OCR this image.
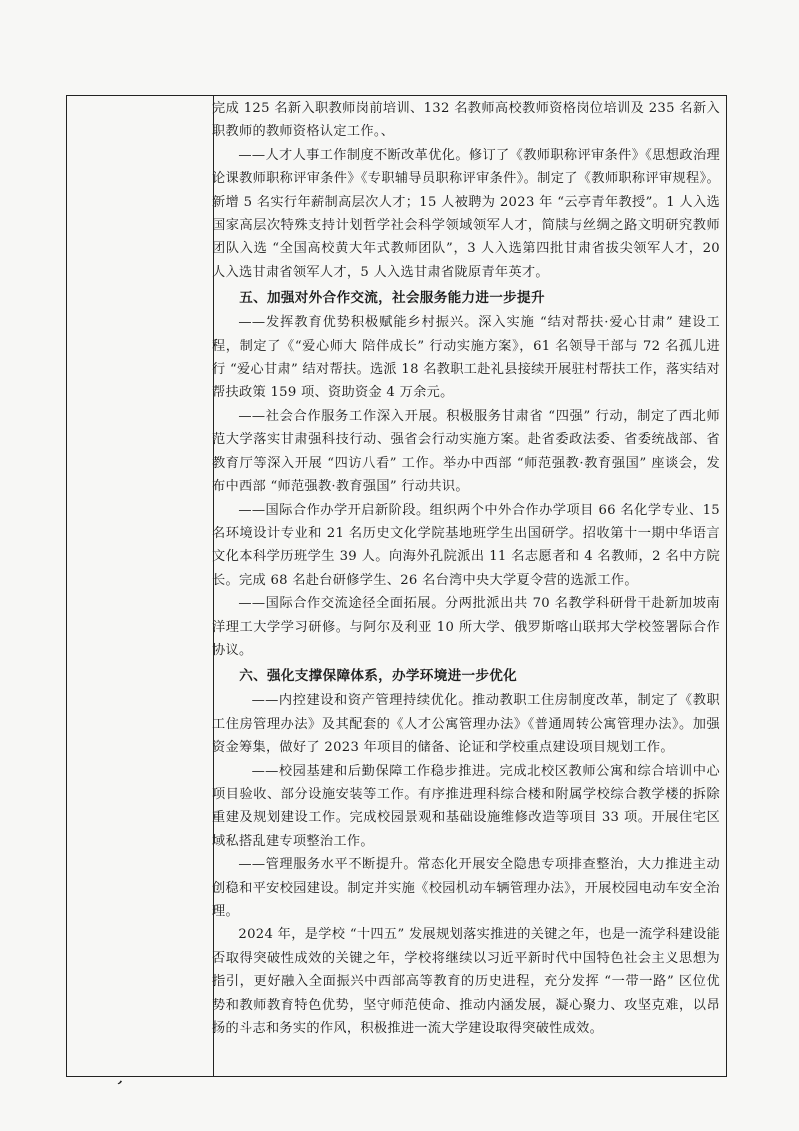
完成 125 名新入职教师岗前培训、132 名教师高校教师资格岗位培训及 235 名新入职教师的教师资格认定工作。、

——人才人事工作制度不断改革优化。修订了《教师职称评审条件》《思想政治理论课教师职称评审条件》《专职辅导员职称评审条件》。制定了《教师职称评审规程》。新增 5 名实行年薪制高层次人才；15 人被聘为 2023 年 “云亭青年教授”。1 人入选国家高层次特殊支持计划哲学社会科学领域领军人才，简牍与丝绸之路文明研究教师团队入选 “全国高校黄大年式教师团队”，3 人入选第四批甘肃省拔尖领军人才，20 人入选甘肃省领军人才，5 人入选甘肃省陇原青年英才。

五、加强对外合作交流，社会服务能力进一步提升

——发挥教育优势积极赋能乡村振兴。深入实施 “结对帮扶·爱心甘肃” 建设工程，制定了《“爱心师大 陪伴成长” 行动实施方案》，61 名领导干部与 72 名孤儿进行 “爱心甘肃” 结对帮扶。选派 18 名教职工赴礼县接续开展驻村帮扶工作，落实结对帮扶政策 159 项、资助资金 4 万余元。

——社会合作服务工作深入开展。积极服务甘肃省 “四强” 行动，制定了西北师范大学落实甘肃强科技行动、强省会行动实施方案。赴省委政法委、省委统战部、省教育厅等深入开展 “四访八看” 工作。举办中西部 “师范强教·教育强国” 座谈会，发布中西部 “师范强教·教育强国” 行动共识。

——国际合作办学开启新阶段。组织两个中外合作办学项目 66 名化学专业、15 名环境设计专业和 21 名历史文化学院基地班学生出国研学。招收第十一期中华语言文化本科学历班学生 39 人。向海外孔院派出 11 名志愿者和 4 名教师，2 名中方院长。完成 68 名赴台研修学生、26 名台湾中央大学夏令营的选派工作。

——国际合作交流途径全面拓展。分两批派出共 70 名教学科研骨干赴新加坡南洋理工大学学习研修。与阿尔及利亚 10 所大学、俄罗斯喀山联邦大学校签署际合作协议。

六、强化支撑保障体系，办学环境进一步优化

——内控建设和资产管理持续优化。推动教职工住房制度改革，制定了《教职工住房管理办法》及其配套的《人才公寓管理办法》《普通周转公寓管理办法》。加强资金筹集，做好了 2023 年项目的储备、论证和学校重点建设项目规划工作。

——校园基建和后勤保障工作稳步推进。完成北校区教师公寓和综合培训中心项目验收、部分设施安装等工作。有序推进理科综合楼和附属学校综合教学楼的拆除重建及规划建设工作。完成校园景观和基础设施维修改造等项目 33 项。开展住宅区域私搭乱建专项整治工作。

——管理服务水平不断提升。常态化开展安全隐患专项排查整治，大力推进主动创稳和平安校园建设。制定并实施《校园机动车辆管理办法》，开展校园电动车安全治理。

2024 年，是学校 “十四五” 发展规划落实推进的关键之年，也是一流学科建设能否取得突破性成效的关键之年，学校将继续以习近平新时代中国特色社会主义思想为指引，更好融入全面振兴中西部高等教育的历史进程，充分发挥 “一带一路” 区位优势和教师教育特色优势，坚守师范使命、推动内涵发展，凝心聚力、攻坚克难，以昂扬的斗志和务实的作风，积极推进一流大学建设取得突破性成效。

ʼ
